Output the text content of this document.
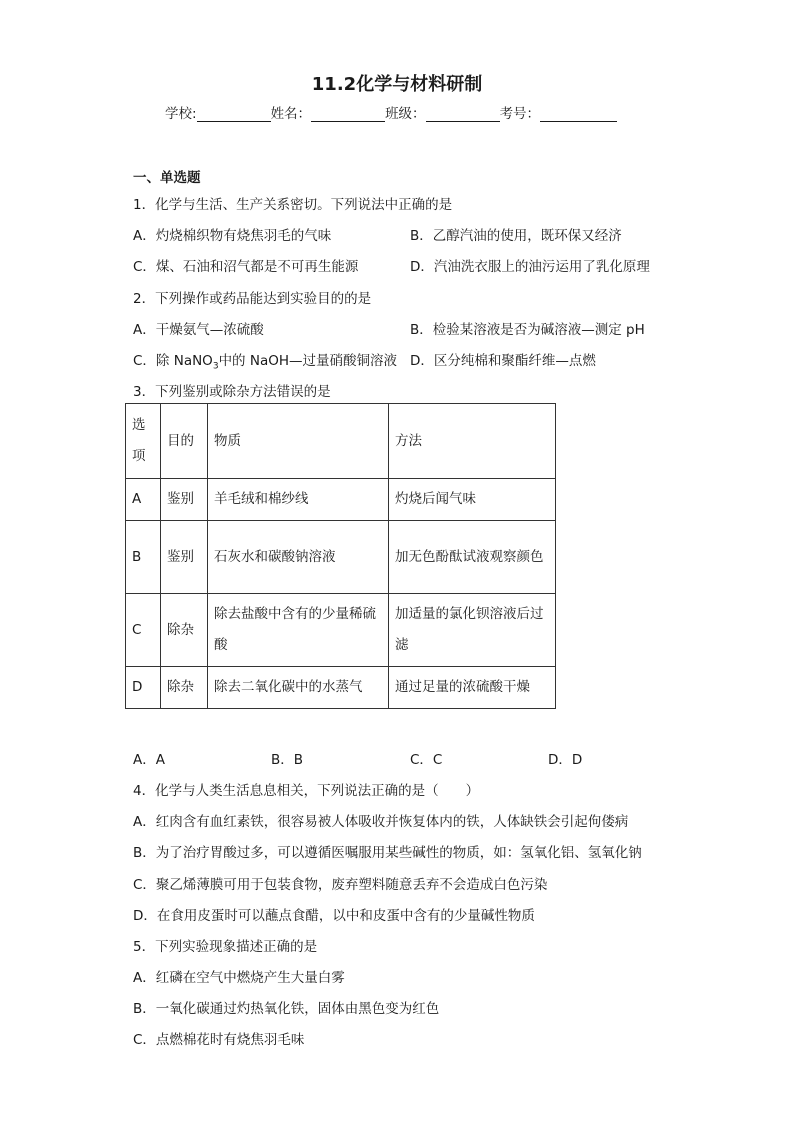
11.2化学与材料研制
学校:	姓名：	班级：	考号：
一、单选题
1．化学与生活、生产关系密切。下列说法中正确的是
A．灼烧棉织物有烧焦羽毛的气味	B．乙醇汽油的使用，既环保又经济
C．煤、石油和沼气都是不可再生能源	D．汽油洗衣服上的油污运用了乳化原理
2．下列操作或药品能达到实验目的的是
A．干燥氨气—浓硫酸	B．检验某溶液是否为碱溶液—测定 pH
C．除 NaNO$_3$中的 NaOH—过量硝酸铜溶液 D．区分纯棉和聚酯纤维—点燃
3．下列鉴别或除杂方法错误的是
选项	目的	物质	方法
A	鉴别	羊毛绒和棉纱线	灼烧后闻气味
B	鉴别	石灰水和碳酸钠溶液	加无色酚酞试液观察颜色
C	除杂	除去盐酸中含有的少量稀硫酸	加适量的氯化钡溶液后过滤
D	除杂	除去二氧化碳中的水蒸气	通过足量的浓硫酸干燥
A．A	B．B	C．C	D．D
4．化学与人类生活息息相关，下列说法正确的是（　　）
A．红肉含有血红素铁，很容易被人体吸收并恢复体内的铁，人体缺铁会引起佝偻病
B．为了治疗胃酸过多，可以遵循医嘱服用某些碱性的物质，如：氢氧化铝、氢氧化钠
C．聚乙烯薄膜可用于包装食物，废弃塑料随意丢弃不会造成白色污染
D．在食用皮蛋时可以蘸点食醋，以中和皮蛋中含有的少量碱性物质
5．下列实验现象描述正确的是
A．红磷在空气中燃烧产生大量白雾
B．一氧化碳通过灼热氧化铁，固体由黑色变为红色
C．点燃棉花时有烧焦羽毛味
